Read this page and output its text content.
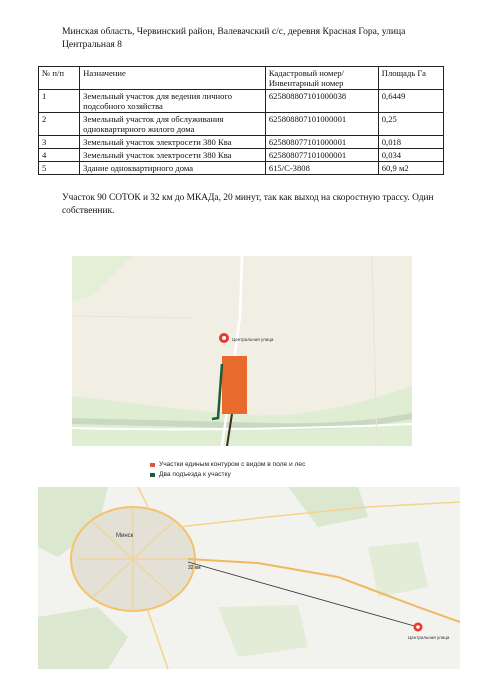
Минская область, Червинский район, Валевачский с/с, деревня Красная Гора, улица Центральная 8
№ п/п	Назначение	Кадастровый номер/ Инвентарный номер	Площадь Га
1	Земельный участок для ведения личного подсобного хозяйства	625808807101000038	0,6449
2	Земельный участок для обслуживания одноквартирного жилого дома	625808807101000001	0,25
3	Земельный участок электросети 380 Ква	625808077101000001	0,018
4	Земельный участок электросети 380 Ква	625808077101000001	0,034
5	Здание одноквартирного дома	615/С-3808	60,9 м2
Участок 90 СОТОК и 32 км до МКАДа, 20 минут, так как выход на скоростную трассу. Один собственник.
Центральная улица
Участки единым контуром с видом в поле и лес
Два подъезда к участку
Минск
32 км
Центральная улица
